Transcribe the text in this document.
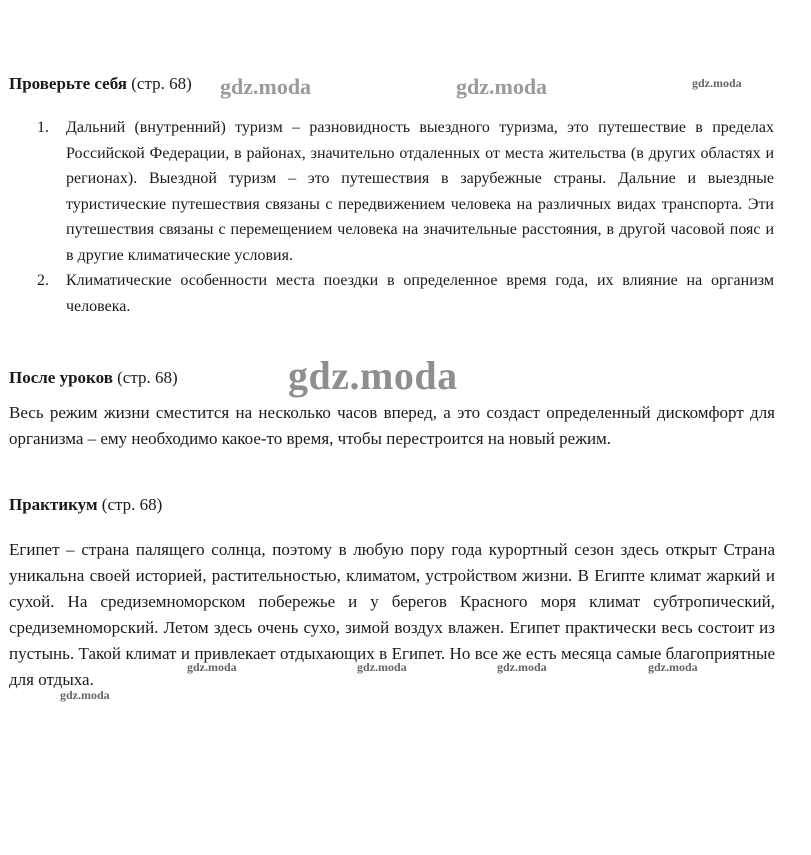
gdz.moda	gdz.moda	gdz.moda
Проверьте себя (стр. 68)
1.	Дальний (внутренний) туризм – разновидность выездного туризма, это путешествие в пределах Российской Федерации, в районах, значительно отдаленных от места жительства (в других областях и регионах). Выездной туризм – это путешествия в зарубежные страны. Дальние и выездные туристические путешествия связаны с передвижением человека на различных видах транспорта. Эти путешествия связаны с перемещением человека на значительные расстояния, в другой часовой пояс и в другие климатические условия.
2.	Климатические особенности места поездки в определенное время года, их влияние на организм человека.
gdz.moda
После уроков (стр. 68)
Весь режим жизни сместится на несколько часов вперед, а это создаст определенный дискомфорт для организма – ему необходимо какое-то время, чтобы перестроится на новый режим.
Практикум (стр. 68)
Египет – страна палящего солнца, поэтому в любую пору года курортный сезон здесь открыт Страна уникальна своей историей, растительностью, климатом, устройством жизни. В Египте климат жаркий и сухой. На средиземноморском побережье и у берегов Красного моря климат субтропический, средиземноморский. Летом здесь очень сухо, зимой воздух влажен. Египет практически весь состоит из пустынь. Такой климат и привлекает отдыхающих в Египет. Но все же есть месяца самые благоприятные для отдыха.
gdz.moda	gdz.moda	gdz.moda	gdz.moda
gdz.moda
